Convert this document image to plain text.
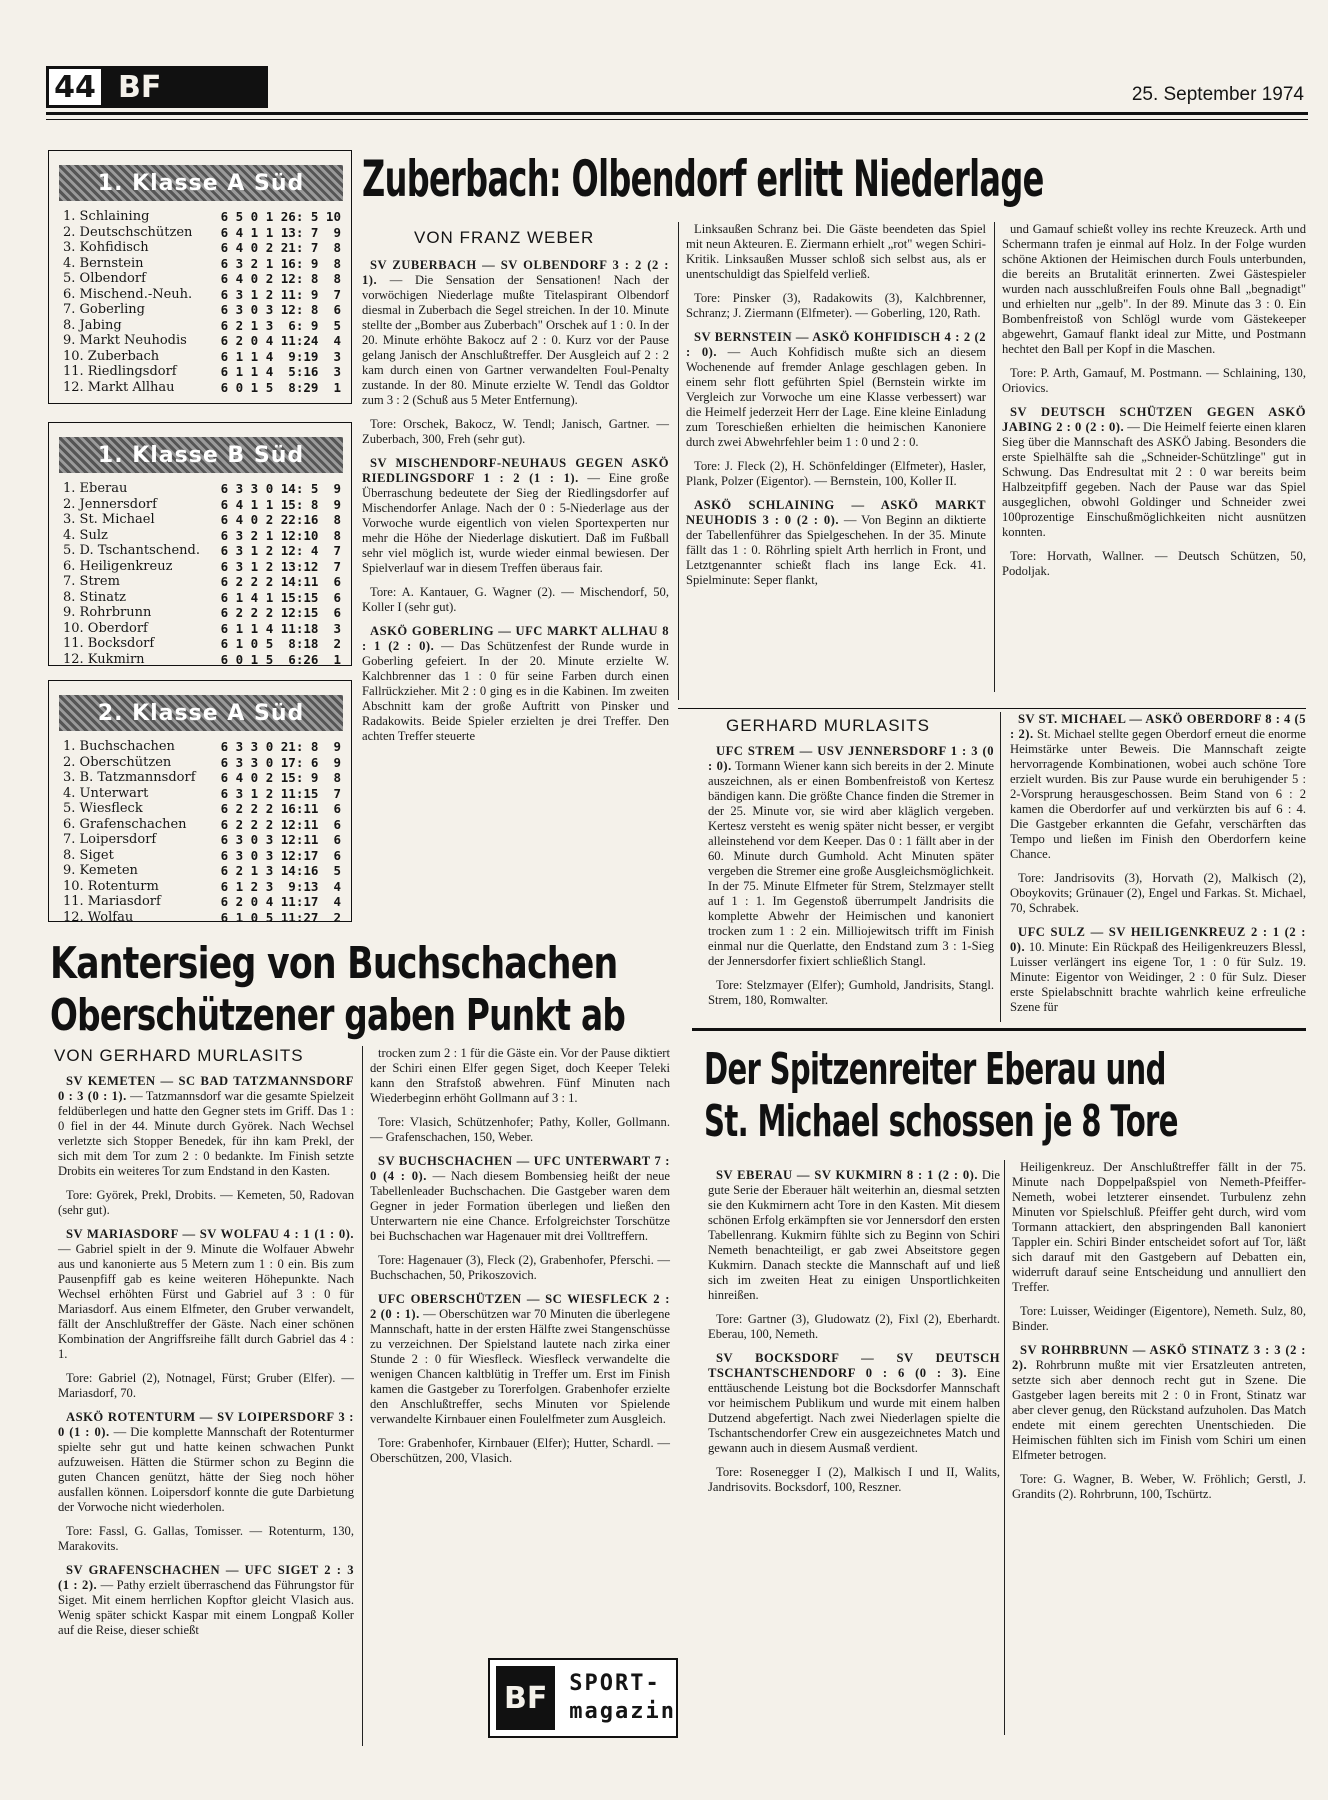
44 BF	25. September 1974
1. Klasse A Süd
1. Schlaining	6 5 0 1 26: 5 10
2. Deutschschützen	6 4 1 1 13: 7  9
3. Kohfidisch	6 4 0 2 21: 7  8
4. Bernstein	6 3 2 1 16: 9  8
5. Olbendorf	6 4 0 2 12: 8  8
6. Mischend.-Neuh.	6 3 1 2 11: 9  7
7. Goberling	6 3 0 3 12: 8  6
8. Jabing	6 2 1 3  6: 9  5
9. Markt Neuhodis	6 2 0 4 11:24  4
10. Zuberbach	6 1 1 4  9:19  3
11. Riedlingsdorf	6 1 1 4  5:16  3
12. Markt Allhau	6 0 1 5  8:29  1
1. Klasse B Süd
1. Eberau	6 3 3 0 14: 5  9
2. Jennersdorf	6 4 1 1 15: 8  9
3. St. Michael	6 4 0 2 22:16  8
4. Sulz	6 3 2 1 12:10  8
5. D. Tschantschend.	6 3 1 2 12: 4  7
6. Heiligenkreuz	6 3 1 2 13:12  7
7. Strem	6 2 2 2 14:11  6
8. Stinatz	6 1 4 1 15:15  6
9. Rohrbrunn	6 2 2 2 12:15  6
10. Oberdorf	6 1 1 4 11:18  3
11. Bocksdorf	6 1 0 5  8:18  2
12. Kukmirn	6 0 1 5  6:26  1
2. Klasse A Süd
1. Buchschachen	6 3 3 0 21: 8  9
2. Oberschützen	6 3 3 0 17: 6  9
3. B. Tatzmannsdorf	6 4 0 2 15: 9  8
4. Unterwart	6 3 1 2 11:15  7
5. Wiesfleck	6 2 2 2 16:11  6
6. Grafenschachen	6 2 2 2 12:11  6
7. Loipersdorf	6 3 0 3 12:11  6
8. Siget	6 3 0 3 12:17  6
9. Kemeten	6 2 1 3 14:16  5
10. Rotenturm	6 1 2 3  9:13  4
11. Mariasdorf	6 2 0 4 11:17  4
12. Wolfau	6 1 0 5 11:27  2
Zuberbach: Olbendorf erlitt Niederlage
VON FRANZ WEBER

SV ZUBERBACH — SV OLBENDORF 3 : 2 (2 : 1). — Die Sensation der Sensationen! Nach der vorwöchigen Niederlage mußte Titelaspirant Olbendorf diesmal in Zuberbach die Segel streichen. In der 10. Minute stellte der „Bomber aus Zuberbach" Orschek auf 1 : 0. In der 20. Minute erhöhte Bakocz auf 2 : 0. Kurz vor der Pause gelang Janisch der Anschlußtreffer. Der Ausgleich auf 2 : 2 kam durch einen von Gartner verwandelten Foul-Penalty zustande. In der 80. Minute erzielte W. Tendl das Goldtor zum 3 : 2 (Schuß aus 5 Meter Entfernung).

Tore: Orschek, Bakocz, W. Tendl; Janisch, Gartner. — Zuberbach, 300, Freh (sehr gut).

SV MISCHENDORF-NEUHAUS GEGEN ASKÖ RIEDLINGSDORF 1 : 2 (1 : 1). — Eine große Überraschung bedeutete der Sieg der Riedlingsdorfer auf Mischendorfer Anlage. Nach der 0 : 5-Niederlage aus der Vorwoche wurde eigentlich von vielen Sportexperten nur mehr die Höhe der Niederlage diskutiert. Daß im Fußball sehr viel möglich ist, wurde wieder einmal bewiesen. Der Spielverlauf war in diesem Treffen überaus fair.

Tore: A. Kantauer, G. Wagner (2). — Mischendorf, 50, Koller I (sehr gut).

ASKÖ GOBERLING — UFC MARKT ALLHAU 8 : 1 (2 : 0). — Das Schützenfest der Runde wurde in Goberling gefeiert. In der 20. Minute erzielte W. Kalchbrenner das 1 : 0 für seine Farben durch einen Fallrückzieher. Mit 2 : 0 ging es in die Kabinen. Im zweiten Abschnitt kam der große Auftritt von Pinsker und Radakowits. Beide Spieler erzielten je drei Treffer. Den achten Treffer steuerte

Linksaußen Schranz bei. Die Gäste beendeten das Spiel mit neun Akteuren. E. Ziermann erhielt „rot" wegen Schiri-Kritik. Linksaußen Musser schloß sich selbst aus, als er unentschuldigt das Spielfeld verließ.

Tore: Pinsker (3), Radakowits (3), Kalchbrenner, Schranz; J. Ziermann (Elfmeter). — Goberling, 120, Rath.

SV BERNSTEIN — ASKÖ KOHFIDISCH 4 : 2 (2 : 0). — Auch Kohfidisch mußte sich an diesem Wochenende auf fremder Anlage geschlagen geben. In einem sehr flott geführten Spiel (Bernstein wirkte im Vergleich zur Vorwoche um eine Klasse verbessert) war die Heimelf jederzeit Herr der Lage. Eine kleine Einladung zum Toreschießen erhielten die heimischen Kanoniere durch zwei Abwehrfehler beim 1 : 0 und 2 : 0.

Tore: J. Fleck (2), H. Schönfeldinger (Elfmeter), Hasler, Plank, Polzer (Eigentor). — Bernstein, 100, Koller II.

ASKÖ SCHLAINING — ASKÖ MARKT NEUHODIS 3 : 0 (2 : 0). — Von Beginn an diktierte der Tabellenführer das Spielgeschehen. In der 35. Minute fällt das 1 : 0. Röhrling spielt Arth herrlich in Front, und Letztgenannter schießt flach ins lange Eck. 41. Spielminute: Seper flankt,

und Gamauf schießt volley ins rechte Kreuzeck. Arth und Schermann trafen je einmal auf Holz. In der Folge wurden schöne Aktionen der Heimischen durch Fouls unterbunden, die bereits an Brutalität erinnerten. Zwei Gästespieler wurden nach ausschlußreifen Fouls ohne Ball „begnadigt" und erhielten nur „gelb". In der 89. Minute das 3 : 0. Ein Bombenfreistoß von Schlögl wurde vom Gästekeeper abgewehrt, Gamauf flankt ideal zur Mitte, und Postmann hechtet den Ball per Kopf in die Maschen.

Tore: P. Arth, Gamauf, M. Postmann. — Schlaining, 130, Oriovics.

SV DEUTSCH SCHÜTZEN GEGEN ASKÖ JABING 2 : 0 (2 : 0). — Die Heimelf feierte einen klaren Sieg über die Mannschaft des ASKÖ Jabing. Besonders die erste Spielhälfte sah die „Schneider-Schützlinge" gut in Schwung. Das Endresultat mit 2 : 0 war bereits beim Halbzeitpfiff gegeben. Nach der Pause war das Spiel ausgeglichen, obwohl Goldinger und Schneider zwei 100prozentige Einschußmöglichkeiten nicht ausnützen konnten.

Tore: Horvath, Wallner. — Deutsch Schützen, 50, Podoljak.

GERHARD MURLASITS

UFC STREM — USV JENNERSDORF 1 : 3 (0 : 0). Tormann Wiener kann sich bereits in der 2. Minute auszeichnen, als er einen Bombenfreistoß von Kertesz bändigen kann. Die größte Chance finden die Stremer in der 25. Minute vor, sie wird aber kläglich vergeben. Kertesz versteht es wenig später nicht besser, er vergibt alleinstehend vor dem Keeper. Das 0 : 1 fällt aber in der 60. Minute durch Gumhold. Acht Minuten später vergeben die Stremer eine große Ausgleichsmöglichkeit. In der 75. Minute Elfmeter für Strem, Stelzmayer stellt auf 1 : 1. Im Gegenstoß überrumpelt Jandrisits die komplette Abwehr der Heimischen und kanoniert trocken zum 1 : 2 ein. Milliojewitsch trifft im Finish einmal nur die Querlatte, den Endstand zum 3 : 1-Sieg der Jennersdorfer fixiert schließlich Stangl.

Tore: Stelzmayer (Elfer); Gumhold, Jandrisits, Stangl. Strem, 180, Romwalter.

SV ST. MICHAEL — ASKÖ OBERDORF 8 : 4 (5 : 2). St. Michael stellte gegen Oberdorf erneut die enorme Heimstärke unter Beweis. Die Mannschaft zeigte hervorragende Kombinationen, wobei auch schöne Tore erzielt wurden. Bis zur Pause wurde ein beruhigender 5 : 2-Vorsprung herausgeschossen. Beim Stand von 6 : 2 kamen die Oberdorfer auf und verkürzten bis auf 6 : 4. Die Gastgeber erkannten die Gefahr, verschärften das Tempo und ließen im Finish den Oberdorfern keine Chance.

Tore: Jandrisovits (3), Horvath (2), Malkisch (2), Oboykovits; Grünauer (2), Engel und Farkas. St. Michael, 70, Schrabek.

UFC SULZ — SV HEILIGENKREUZ 2 : 1 (2 : 0). 10. Minute: Ein Rückpaß des Heiligenkreuzers Blessl, Luisser verlängert ins eigene Tor, 1 : 0 für Sulz. 19. Minute: Eigentor von Weidinger, 2 : 0 für Sulz. Dieser erste Spielabschnitt brachte wahrlich keine erfreuliche Szene für

Kantersieg von Buchschachen
Oberschützener gaben Punkt ab
VON GERHARD MURLASITS

SV KEMETEN — SC BAD TATZMANNSDORF 0 : 3 (0 : 1). — Tatzmannsdorf war die gesamte Spielzeit feldüberlegen und hatte den Gegner stets im Griff. Das 1 : 0 fiel in der 44. Minute durch Györek. Nach Wechsel verletzte sich Stopper Benedek, für ihn kam Prekl, der sich mit dem Tor zum 2 : 0 bedankte. Im Finish setzte Drobits ein weiteres Tor zum Endstand in den Kasten.

Tore: Györek, Prekl, Drobits. — Kemeten, 50, Radovan (sehr gut).

SV MARIASDORF — SV WOLFAU 4 : 1 (1 : 0). — Gabriel spielt in der 9. Minute die Wolfauer Abwehr aus und kanonierte aus 5 Metern zum 1 : 0 ein. Bis zum Pausenpfiff gab es keine weiteren Höhepunkte. Nach Wechsel erhöhten Fürst und Gabriel auf 3 : 0 für Mariasdorf. Aus einem Elfmeter, den Gruber verwandelt, fällt der Anschlußtreffer der Gäste. Nach einer schönen Kombination der Angriffsreihe fällt durch Gabriel das 4 : 1.

Tore: Gabriel (2), Notnagel, Fürst; Gruber (Elfer). — Mariasdorf, 70.

ASKÖ ROTENTURM — SV LOIPERSDORF 3 : 0 (1 : 0). — Die komplette Mannschaft der Rotenturmer spielte sehr gut und hatte keinen schwachen Punkt aufzuweisen. Hätten die Stürmer schon zu Beginn die guten Chancen genützt, hätte der Sieg noch höher ausfallen können. Loipersdorf konnte die gute Darbietung der Vorwoche nicht wiederholen.

Tore: Fassl, G. Gallas, Tomisser. — Rotenturm, 130, Marakovits.

SV GRAFENSCHACHEN — UFC SIGET 2 : 3 (1 : 2). — Pathy erzielt überraschend das Führungstor für Siget. Mit einem herrlichen Kopftor gleicht Vlasich aus. Wenig später schickt Kaspar mit einem Longpaß Koller auf die Reise, dieser schießt

trocken zum 2 : 1 für die Gäste ein. Vor der Pause diktiert der Schiri einen Elfer gegen Siget, doch Keeper Teleki kann den Strafstoß abwehren. Fünf Minuten nach Wiederbeginn erhöht Gollmann auf 3 : 1.

Tore: Vlasich, Schützenhofer; Pathy, Koller, Gollmann. — Grafenschachen, 150, Weber.

SV BUCHSCHACHEN — UFC UNTERWART 7 : 0 (4 : 0). — Nach diesem Bombensieg heißt der neue Tabellenleader Buchschachen. Die Gastgeber waren dem Gegner in jeder Formation überlegen und ließen den Unterwartern nie eine Chance. Erfolgreichster Torschütze bei Buchschachen war Hagenauer mit drei Volltreffern.

Tore: Hagenauer (3), Fleck (2), Grabenhofer, Pferschi. — Buchschachen, 50, Prikoszovich.

UFC OBERSCHÜTZEN — SC WIESFLECK 2 : 2 (0 : 1). — Oberschützen war 70 Minuten die überlegene Mannschaft, hatte in der ersten Hälfte zwei Stangenschüsse zu verzeichnen. Der Spielstand lautete nach zirka einer Stunde 2 : 0 für Wiesfleck. Wiesfleck verwandelte die wenigen Chancen kaltblütig in Treffer um. Erst im Finish kamen die Gastgeber zu Torerfolgen. Grabenhofer erzielte den Anschlußtreffer, sechs Minuten vor Spielende verwandelte Kirnbauer einen Foulelfmeter zum Ausgleich.

Tore: Grabenhofer, Kirnbauer (Elfer); Hutter, Schardl. — Oberschützen, 200, Vlasich.

BF SPORT-
magazin
Der Spitzenreiter Eberau und
St. Michael schossen je 8 Tore

SV EBERAU — SV KUKMIRN 8 : 1 (2 : 0). Die gute Serie der Eberauer hält weiterhin an, diesmal setzten sie den Kukmirnern acht Tore in den Kasten. Mit diesem schönen Erfolg erkämpften sie vor Jennersdorf den ersten Tabellenrang. Kukmirn fühlte sich zu Beginn von Schiri Nemeth benachteiligt, er gab zwei Abseitstore gegen Kukmirn. Danach steckte die Mannschaft auf und ließ sich im zweiten Heat zu einigen Unsportlichkeiten hinreißen.

Tore: Gartner (3), Gludowatz (2), Fixl (2), Eberhardt. Eberau, 100, Nemeth.

SV BOCKSDORF — SV DEUTSCH TSCHANTSCHENDORF 0 : 6 (0 : 3). Eine enttäuschende Leistung bot die Bocksdorfer Mannschaft vor heimischem Publikum und wurde mit einem halben Dutzend abgefertigt. Nach zwei Niederlagen spielte die Tschantschendorfer Crew ein ausgezeichnetes Match und gewann auch in diesem Ausmaß verdient.

Tore: Rosenegger I (2), Malkisch I und II, Walits, Jandrisovits. Bocksdorf, 100, Reszner.

Heiligenkreuz. Der Anschlußtreffer fällt in der 75. Minute nach Doppelpaßspiel von Nemeth-Pfeiffer-Nemeth, wobei letzterer einsendet. Turbulenz zehn Minuten vor Spielschluß. Pfeiffer geht durch, wird vom Tormann attackiert, den abspringenden Ball kanoniert Tappler ein. Schiri Binder entscheidet sofort auf Tor, läßt sich darauf mit den Gastgebern auf Debatten ein, widerruft darauf seine Entscheidung und annulliert den Treffer.

Tore: Luisser, Weidinger (Eigentore), Nemeth. Sulz, 80, Binder.

SV ROHRBRUNN — ASKÖ STINATZ 3 : 3 (2 : 2). Rohrbrunn mußte mit vier Ersatzleuten antreten, setzte sich aber dennoch recht gut in Szene. Die Gastgeber lagen bereits mit 2 : 0 in Front, Stinatz war aber clever genug, den Rückstand aufzuholen. Das Match endete mit einem gerechten Unentschieden. Die Heimischen fühlten sich im Finish vom Schiri um einen Elfmeter betrogen.

Tore: G. Wagner, B. Weber, W. Fröhlich; Gerstl, J. Grandits (2). Rohrbrunn, 100, Tschürtz.
